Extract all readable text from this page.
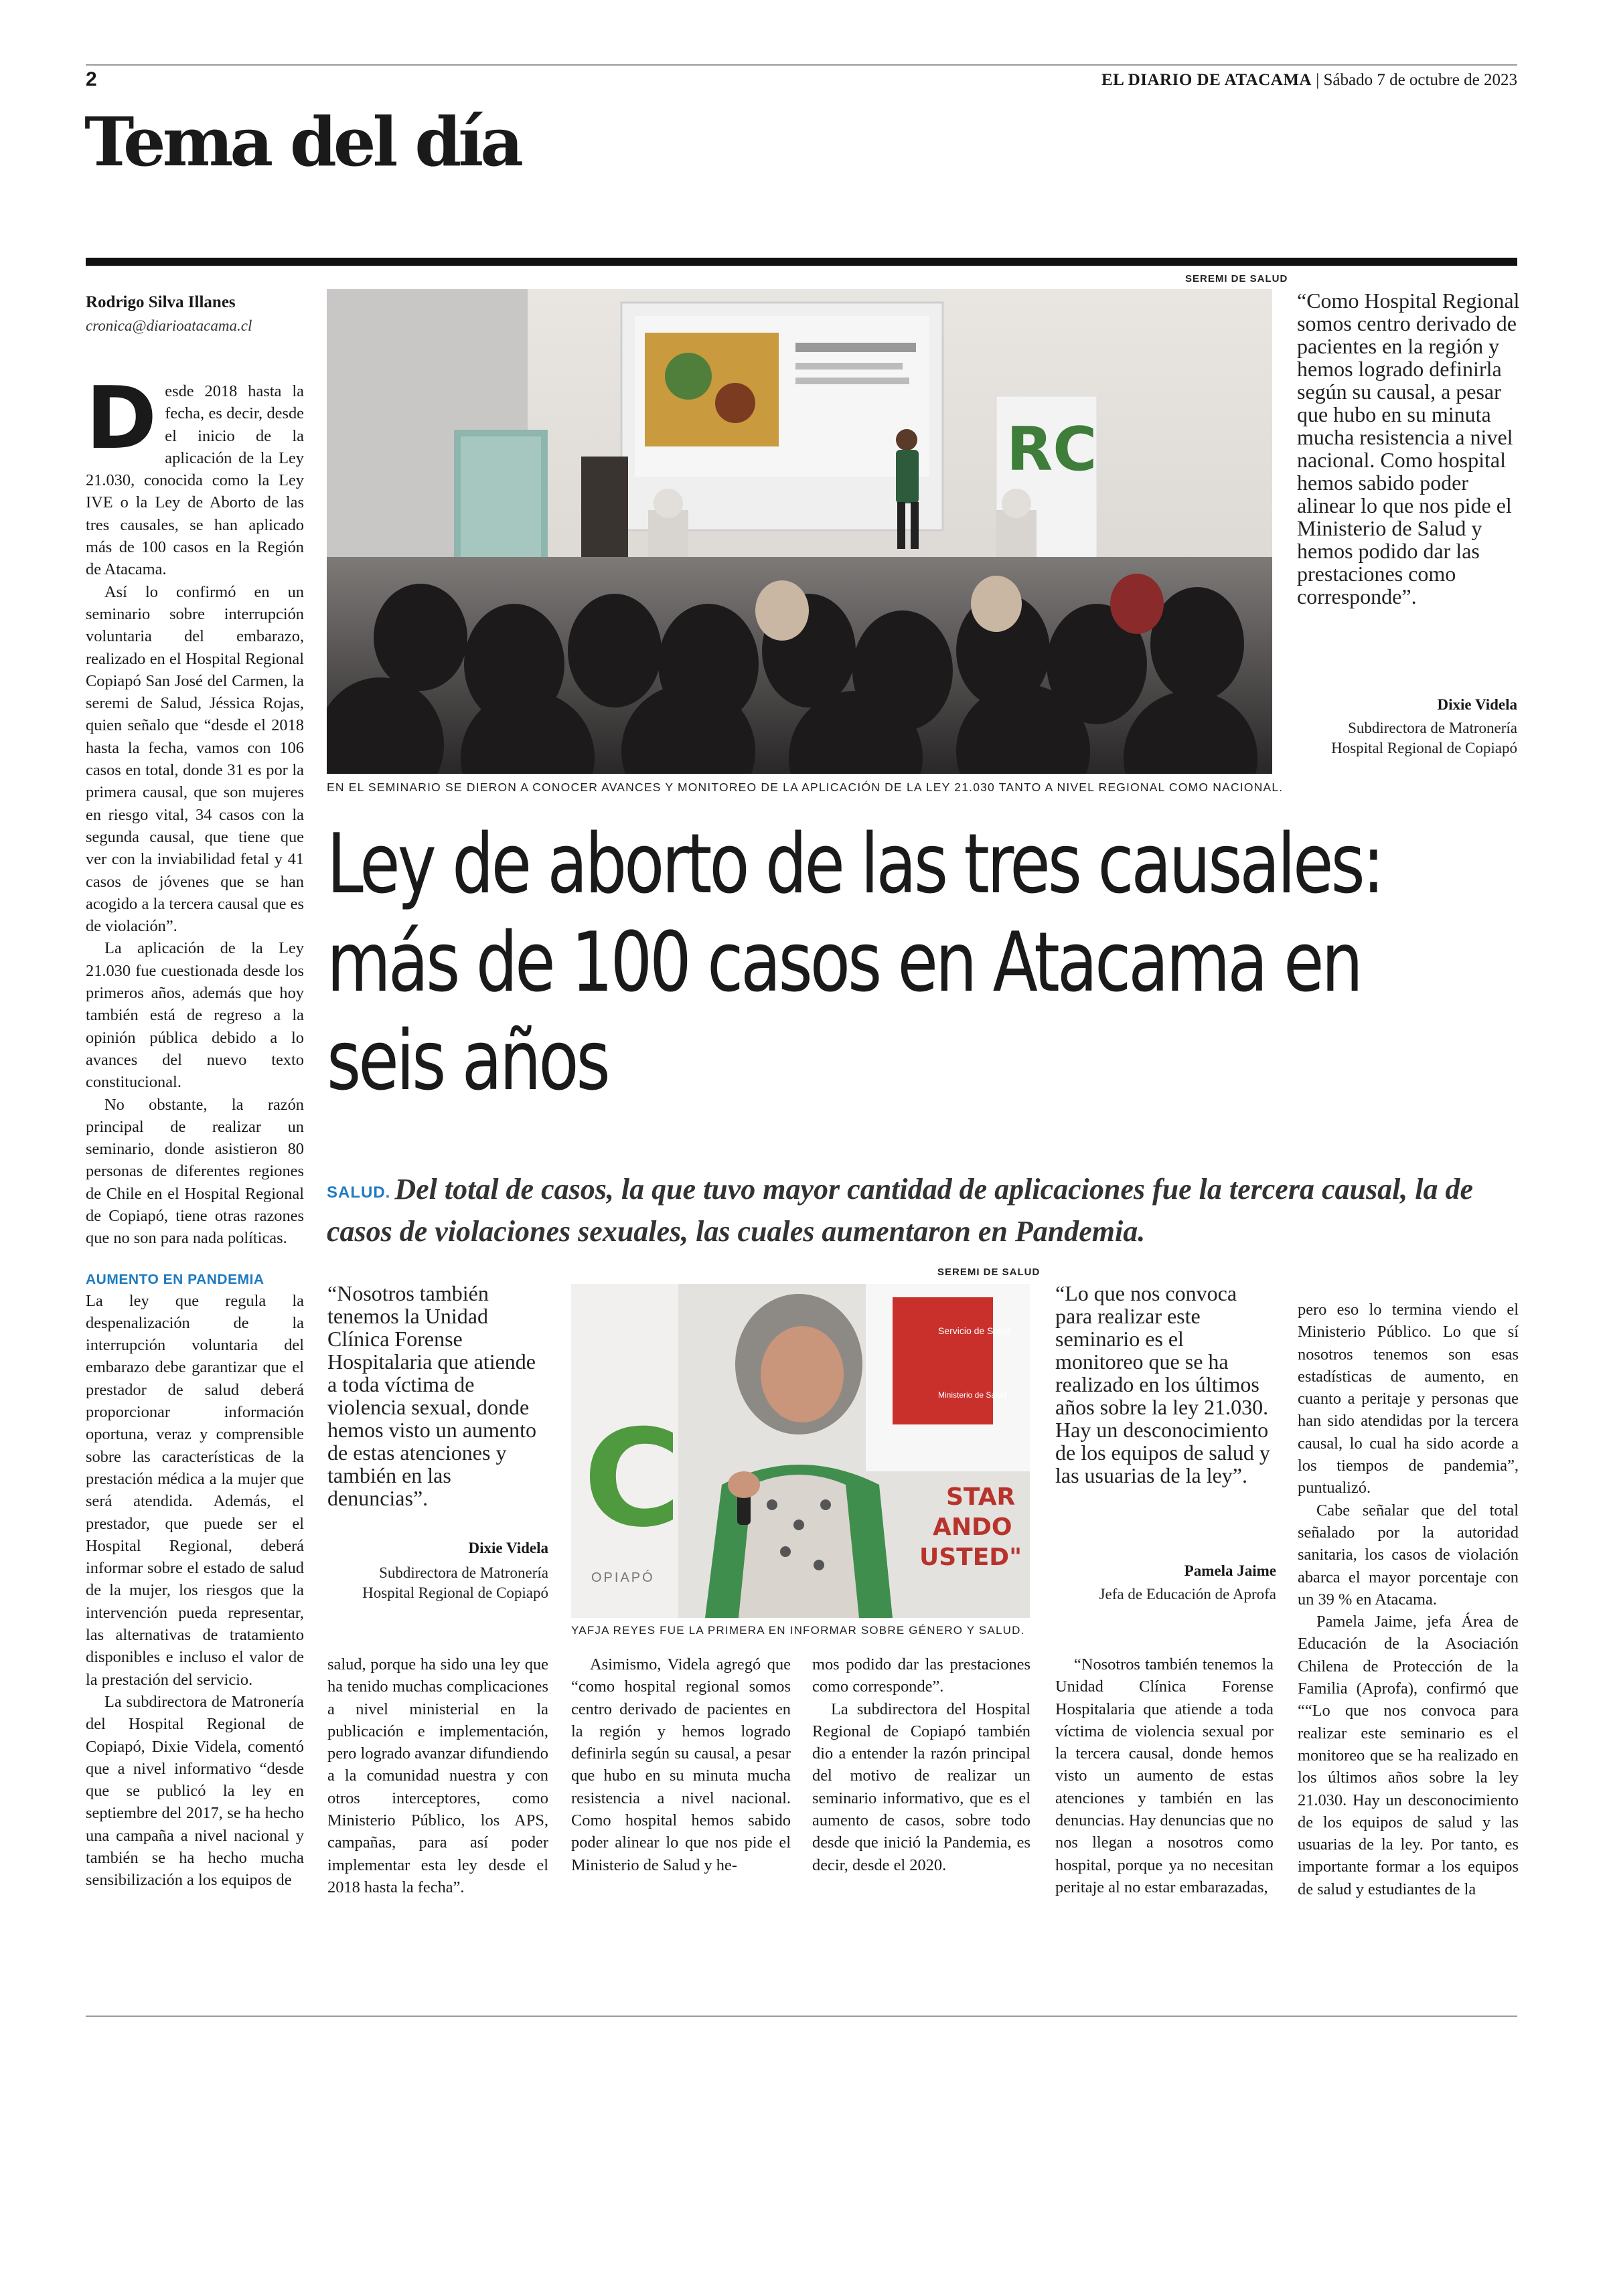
2	EL DIARIO DE ATACAMA | Sábado 7 de octubre de 2023
Tema del día
Rodrigo Silva Illanes
cronica@diarioatacama.cl
D esde 2018 hasta la fecha, es decir, desde el inicio de la aplicación de la Ley 21.030, conocida como la Ley IVE o la Ley de Aborto de las tres causales, se han aplicado más de 100 casos en la Región de Atacama.

Así lo confirmó en un seminario sobre interrupción voluntaria del embarazo, realizado en el Hospital Regional Copiapó San José del Carmen, la seremi de Salud, Jéssica Rojas, quien señalo que “desde el 2018 hasta la fecha, vamos con 106 casos en total, donde 31 es por la primera causal, que son mujeres en riesgo vital, 34 casos con la segunda causal, que tiene que ver con la inviabilidad fetal y 41 casos de jóvenes que se han acogido a la tercera causal que es de violación”.

La aplicación de la Ley 21.030 fue cuestionada desde los primeros años, además que hoy también está de regreso a la opinión pública debido a lo avances del nuevo texto constitucional.

No obstante, la razón principal de realizar un seminario, donde asistieron 80 personas de diferentes regiones de Chile en el Hospital Regional de Copiapó, tiene otras razones que no son para nada políticas.

AUMENTO EN PANDEMIA

La ley que regula la despenalización de la interrupción voluntaria del embarazo debe garantizar que el prestador de salud deberá proporcionar información oportuna, veraz y comprensible sobre las características de la prestación médica a la mujer que será atendida. Además, el prestador, que puede ser el Hospital Regional, deberá informar sobre el estado de salud de la mujer, los riesgos que la intervención pueda representar, las alternativas de tratamiento disponibles e incluso el valor de la prestación del servicio.

La subdirectora de Matronería del Hospital Regional de Copiapó, Dixie Videla, comentó que a nivel informativo “desde que se publicó la ley en septiembre del 2017, se ha hecho una campaña a nivel nacional y también se ha hecho mucha sensibilización a los equipos de

SEREMI DE SALUD
RC
EN EL SEMINARIO SE DIERON A CONOCER AVANCES Y MONITOREO DE LA APLICACIÓN DE LA LEY 21.030 TANTO A NIVEL REGIONAL COMO NACIONAL.
“Como Hospital Regional somos centro derivado de pacientes en la región y hemos logrado definirla según su causal, a pesar que hubo en su minuta mucha resistencia a nivel nacional. Como hospital hemos sabido poder alinear lo que nos pide el Ministerio de Salud y hemos podido dar las prestaciones como corresponde”.
Dixie Videla
Subdirectora de Matronería
Hospital Regional de Copiapó
Ley de aborto de las tres causales: más de 100 casos en Atacama en seis años
SALUD. Del total de casos, la que tuvo mayor cantidad de aplicaciones fue la tercera causal, la de casos de violaciones sexuales, las cuales aumentaron en Pandemia.
“Nosotros también tenemos la Unidad Clínica Forense Hospitalaria que atiende a toda víctima de violencia sexual, donde hemos visto un aumento de estas atenciones y también en las denuncias”.
Dixie Videla
Subdirectora de Matronería
Hospital Regional de Copiapó
SEREMI DE SALUD
C
OPIAPÓ
Servicio de Salud
Ministerio de Salud
STAR
ANDO
USTED"
YAFJA REYES FUE LA PRIMERA EN INFORMAR SOBRE GÉNERO Y SALUD.
“Lo que nos convoca para realizar este seminario es el monitoreo que se ha realizado en los últimos años sobre la ley 21.030. Hay un desconocimiento de los equipos de salud y las usuarias de la ley”.
Pamela Jaime
Jefa de Educación de Aprofa

salud, porque ha sido una ley que ha tenido muchas complicaciones a nivel ministerial en la publicación e implementación, pero logrado avanzar difundiendo a la comunidad nuestra y con otros interceptores, como Ministerio Público, los APS, campañas, para así poder implementar esta ley desde el 2018 hasta la fecha”.

Asimismo, Videla agregó que “como hospital regional somos centro derivado de pacientes en la región y hemos logrado definirla según su causal, a pesar que hubo en su minuta mucha resistencia a nivel nacional. Como hospital hemos sabido poder alinear lo que nos pide el Ministerio de Salud y he-

mos podido dar las prestaciones como corresponde”.

La subdirectora del Hospital Regional de Copiapó también dio a entender la razón principal del motivo de realizar un seminario informativo, que es el aumento de casos, sobre todo desde que inició la Pandemia, es decir, desde el 2020.

“Nosotros también tenemos la Unidad Clínica Forense Hospitalaria que atiende a toda víctima de violencia sexual por la tercera causal, donde hemos visto un aumento de estas atenciones y también en las denuncias. Hay denuncias que no nos llegan a nosotros como hospital, porque ya no necesitan peritaje al no estar embarazadas,

pero eso lo termina viendo el Ministerio Público. Lo que sí nosotros tenemos son esas estadísticas de aumento, en cuanto a peritaje y personas que han sido atendidas por la tercera causal, lo cual ha sido acorde a los tiempos de pandemia”, puntualizó.

Cabe señalar que del total señalado por la autoridad sanitaria, los casos de violación abarca el mayor porcentaje con un 39 % en Atacama.

Pamela Jaime, jefa Área de Educación de la Asociación Chilena de Protección de la Familia (Aprofa), confirmó que ““Lo que nos convoca para realizar este seminario es el monitoreo que se ha realizado en los últimos años sobre la ley 21.030. Hay un desconocimiento de los equipos de salud y las usuarias de la ley. Por tanto, es importante formar a los equipos de salud y estudiantes de la
